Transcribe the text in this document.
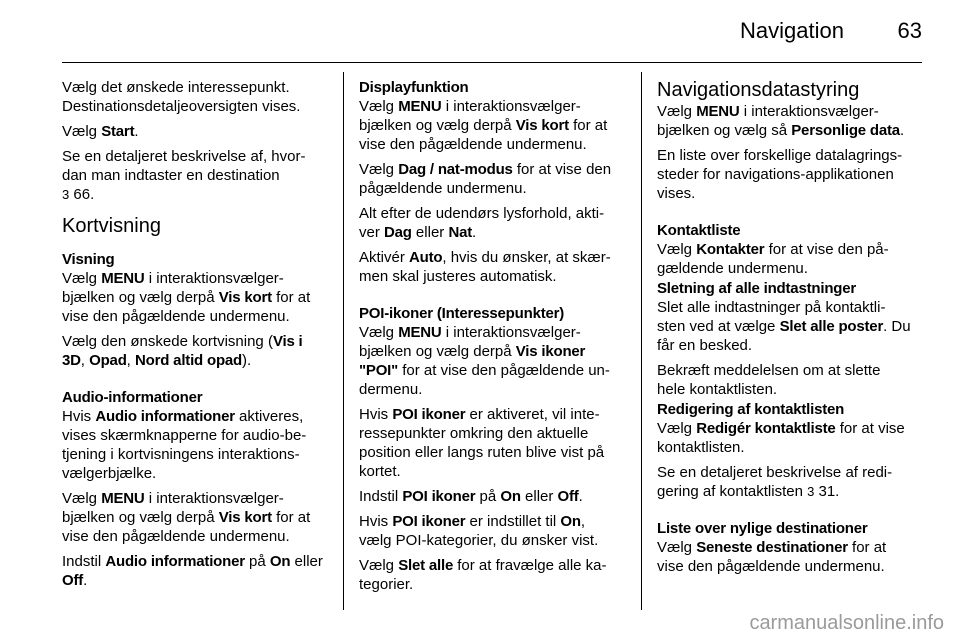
Navigation 63
Vælg det ønskede interessepunkt.
Destinationsdetaljeoversigten vises.
Vælg Start.
Se en detaljeret beskrivelse af, hvor-
dan man indtaster en destination
3 66.
Kortvisning
Visning
Vælg MENU i interaktionsvælger-
bjælken og vælg derpå Vis kort for at
vise den pågældende undermenu.
Vælg den ønskede kortvisning (Vis i
3D, Opad, Nord altid opad).
Audio-informationer
Hvis Audio informationer aktiveres,
vises skærmknapperne for audio-be-
tjening i kortvisningens interaktions-
vælgerbjælke.
Vælg MENU i interaktionsvælger-
bjælken og vælg derpå Vis kort for at
vise den pågældende undermenu.
Indstil Audio informationer på On eller
Off.
Displayfunktion
Vælg MENU i interaktionsvælger-
bjælken og vælg derpå Vis kort for at
vise den pågældende undermenu.
Vælg Dag / nat-modus for at vise den
pågældende undermenu.
Alt efter de udendørs lysforhold, akti-
ver Dag eller Nat.
Aktivér Auto, hvis du ønsker, at skær-
men skal justeres automatisk.
POI-ikoner (Interessepunkter)
Vælg MENU i interaktionsvælger-
bjælken og vælg derpå Vis ikoner
"POI" for at vise den pågældende un-
dermenu.
Hvis POI ikoner er aktiveret, vil inte-
ressepunkter omkring den aktuelle
position eller langs ruten blive vist på
kortet.
Indstil POI ikoner på On eller Off.
Hvis POI ikoner er indstillet til On,
vælg POI-kategorier, du ønsker vist.
Vælg Slet alle for at fravælge alle ka-
tegorier.
Navigationsdatastyring
Vælg MENU i interaktionsvælger-
bjælken og vælg så Personlige data.
En liste over forskellige datalagrings-
steder for navigations-applikationen
vises.
Kontaktliste
Vælg Kontakter for at vise den på-
gældende undermenu.
Sletning af alle indtastninger
Slet alle indtastninger på kontaktli-
sten ved at vælge Slet alle poster. Du
får en besked.
Bekræft meddelelsen om at slette
hele kontaktlisten.
Redigering af kontaktlisten
Vælg Redigér kontaktliste for at vise
kontaktlisten.
Se en detaljeret beskrivelse af redi-
gering af kontaktlisten 3 31.
Liste over nylige destinationer
Vælg Seneste destinationer for at
vise den pågældende undermenu.
carmanualsonline.info
